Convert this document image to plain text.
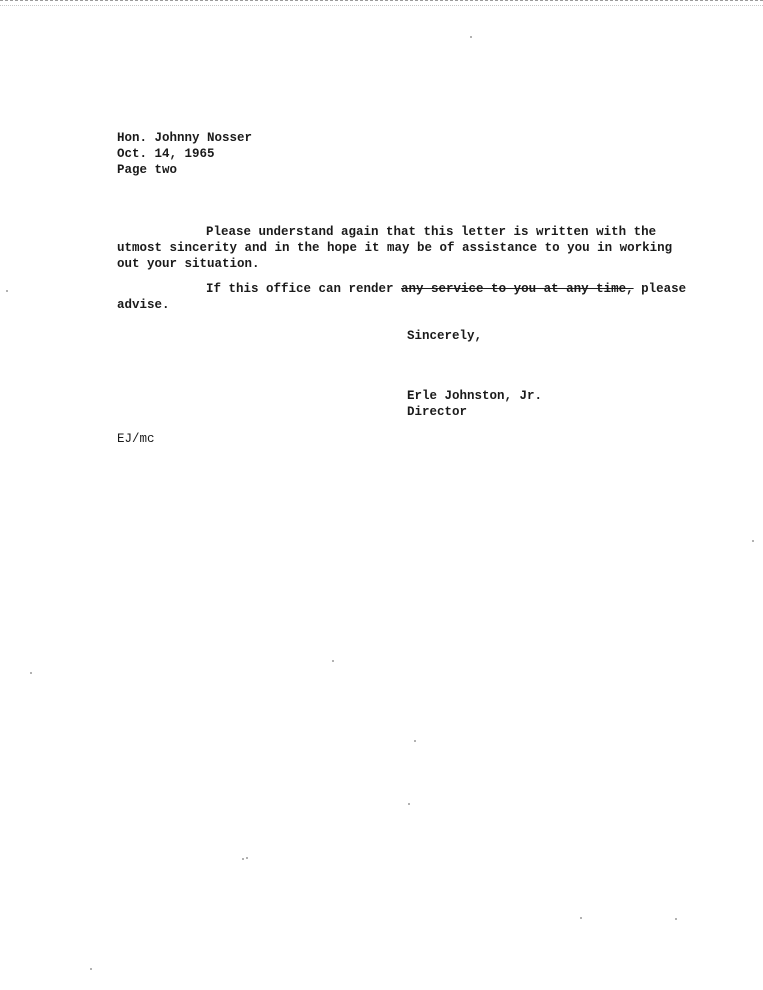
Hon. Johnny Nosser
Oct. 14, 1965
Page two
Please understand again that this letter is written with the
utmost sincerity and in the hope it may be of assistance to you in working
out your situation.
If this office can render any service to you at any time, please
advise.
Sincerely,
Erle Johnston, Jr.
Director
EJ/mc
